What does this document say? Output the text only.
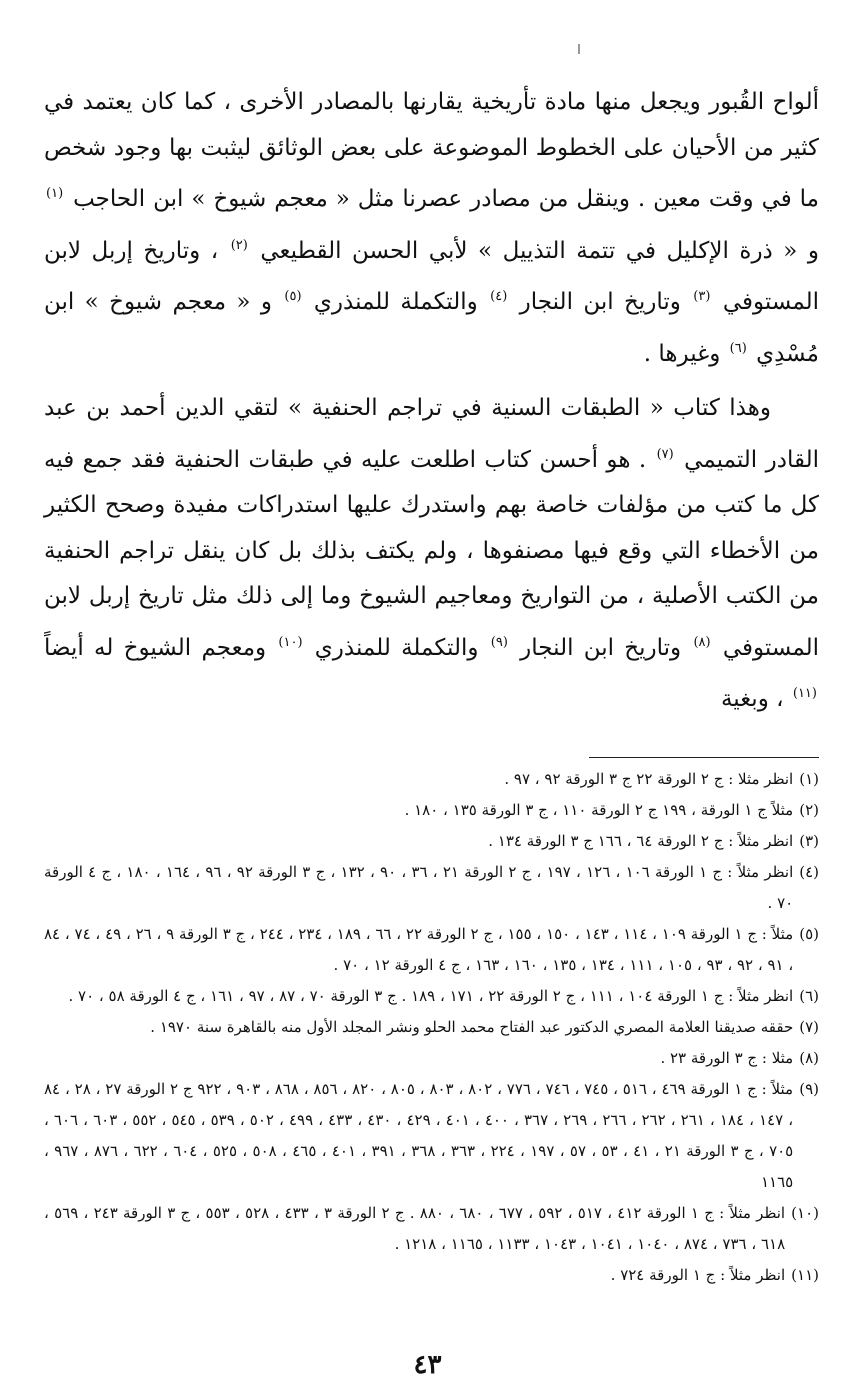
ألواح القُبور ويجعل منها مادة تأريخية يقارنها بالمصادر الأخرى ، كما كان يعتمد في كثير من الأحيان على الخطوط الموضوعة على بعض الوثائق ليثبت بها وجود شخص ما في وقت معين . وينقل من مصادر عصرنا مثل « معجم شيوخ » ابن الحاجب $^{(١)}$ و « ذرة الإكليل في تتمة التذييل » لأبي الحسن القطيعي $^{(٢)}$ ، وتاريخ إربل لابن المستوفي $^{(٣)}$ وتاريخ ابن النجار $^{(٤)}$ والتكملة للمنذري $^{(٥)}$ و « معجم شيوخ » ابن مُسْدِي $^{(٦)}$ وغيرها .

وهذا كتاب « الطبقات السنية في تراجم الحنفية » لتقي الدين أحمد بن عبد القادر التميمي $^{(٧)}$ . هو أحسن كتاب اطلعت عليه في طبقات الحنفية فقد جمع فيه كل ما كتب من مؤلفات خاصة بهم واستدرك عليها استدراكات مفيدة وصحح الكثير من الأخطاء التي وقع فيها مصنفوها ، ولم يكتف بذلك بل كان ينقل تراجم الحنفية من الكتب الأصلية ، من التواريخ ومعاجيم الشيوخ وما إلى ذلك مثل تاريخ إربل لابن المستوفي $^{(٨)}$ وتاريخ ابن النجار $^{(٩)}$ والتكملة للمنذري $^{(١٠)}$ ومعجم الشيوخ له أيضاً $^{(١١)}$ ، وبغية

(١)
انظر مثلا : ج ٢ الورقة ٢٢ ج ٣ الورقة ٩٢ ، ٩٧ .
(٢)
مثلاً ج ١ الورقة ، ١٩٩ ج ٢ الورقة ١١٠ ، ج ٣ الورقة ١٣٥ ، ١٨٠ .
(٣)
انظر مثلاً : ج ٢ الورقة ٦٤ ، ١٦٦ ج ٣ الورقة ١٣٤ .
(٤)
انظر مثلاً : ج ١ الورقة ١٠٦ ، ١٢٦ ، ١٩٧ ، ج ٢ الورقة ٢١ ، ٣٦ ، ٩٠ ، ١٣٢ ، ج ٣ الورقة ٩٢ ، ٩٦ ، ١٦٤ ، ١٨٠ ، ج ٤ الورقة ٧٠ .
(٥)
مثلاً : ج ١ الورقة ١٠٩ ، ١١٤ ، ١٤٣ ، ١٥٠ ، ١٥٥ ، ج ٢ الورقة ٢٢ ، ٦٦ ، ١٨٩ ، ٢٣٤ ، ٢٤٤ ، ج ٣ الورقة ٩ ، ٢٦ ، ٤٩ ، ٧٤ ، ٨٤ ، ٩١ ، ٩٢ ، ٩٣ ، ١٠٥ ، ١١١ ، ١٣٤ ، ١٣٥ ، ١٦٠ ، ١٦٣ ، ج ٤ الورقة ١٢ ، ٧٠ .
(٦)
انظر مثلاً : ج ١ الورقة ١٠٤ ، ١١١ ، ج ٢ الورقة ٢٢ ، ١٧١ ، ١٨٩ . ج ٣ الورقة ٧٠ ، ٨٧ ، ٩٧ ، ١٦١ ، ج ٤ الورقة ٥٨ ، ٧٠ .
(٧)
حققه صديقنا العلامة المصري الدكتور عبد الفتاح محمد الحلو ونشر المجلد الأول منه بالقاهرة سنة ١٩٧٠ .
(٨)
مثلا : ج ٣ الورقة ٢٣ .
(٩)
مثلاً : ج ١ الورقة ٤٦٩ ، ٥١٦ ، ٧٤٥ ، ٧٤٦ ، ٧٧٦ ، ٨٠٢ ، ٨٠٣ ، ٨٠٥ ، ٨٢٠ ، ٨٥٦ ، ٨٦٨ ، ٩٠٣ ، ٩٢٢ ج ٢ الورقة ٢٧ ، ٢٨ ، ٨٤ ، ١٤٧ ، ١٨٤ ، ٢٦١ ، ٢٦٢ ، ٢٦٦ ، ٢٦٩ ، ٣٦٧ ، ٤٠٠ ، ٤٠١ ، ٤٢٩ ، ٤٣٠ ، ٤٣٣ ، ٤٩٩ ، ٥٠٢ ، ٥٣٩ ، ٥٤٥ ، ٥٥٢ ، ٦٠٣ ، ٦٠٦ ، ٧٠٥ ، ج ٣ الورقة ٢١ ، ٤١ ، ٥٣ ، ٥٧ ، ١٩٧ ، ٢٢٤ ، ٣٦٣ ، ٣٦٨ ، ٣٩١ ، ٤٠١ ، ٤٦٥ ، ٥٠٨ ، ٥٢٥ ، ٦٠٤ ، ٦٢٢ ، ٨٧٦ ، ٩٦٧ ، ١١٦٥
(١٠)
انظر مثلاً : ج ١ الورقة ٤١٢ ، ٥١٧ ، ٥٩٢ ، ٦٧٧ ، ٦٨٠ ، ٨٨٠ . ج ٢ الورقة ٣ ، ٤٣٣ ، ٥٢٨ ، ٥٥٣ ، ج ٣ الورقة ٢٤٣ ، ٥٦٩ ، ٦١٨ ، ٧٣٦ ، ٨٧٤ ، ١٠٤٠ ، ١٠٤١ ، ١٠٤٣ ، ١١٣٣ ، ١١٦٥ ، ١٢١٨ .
(١١)
انظر مثلاً : ج ١ الورقة ٧٢٤ .
٤٣
